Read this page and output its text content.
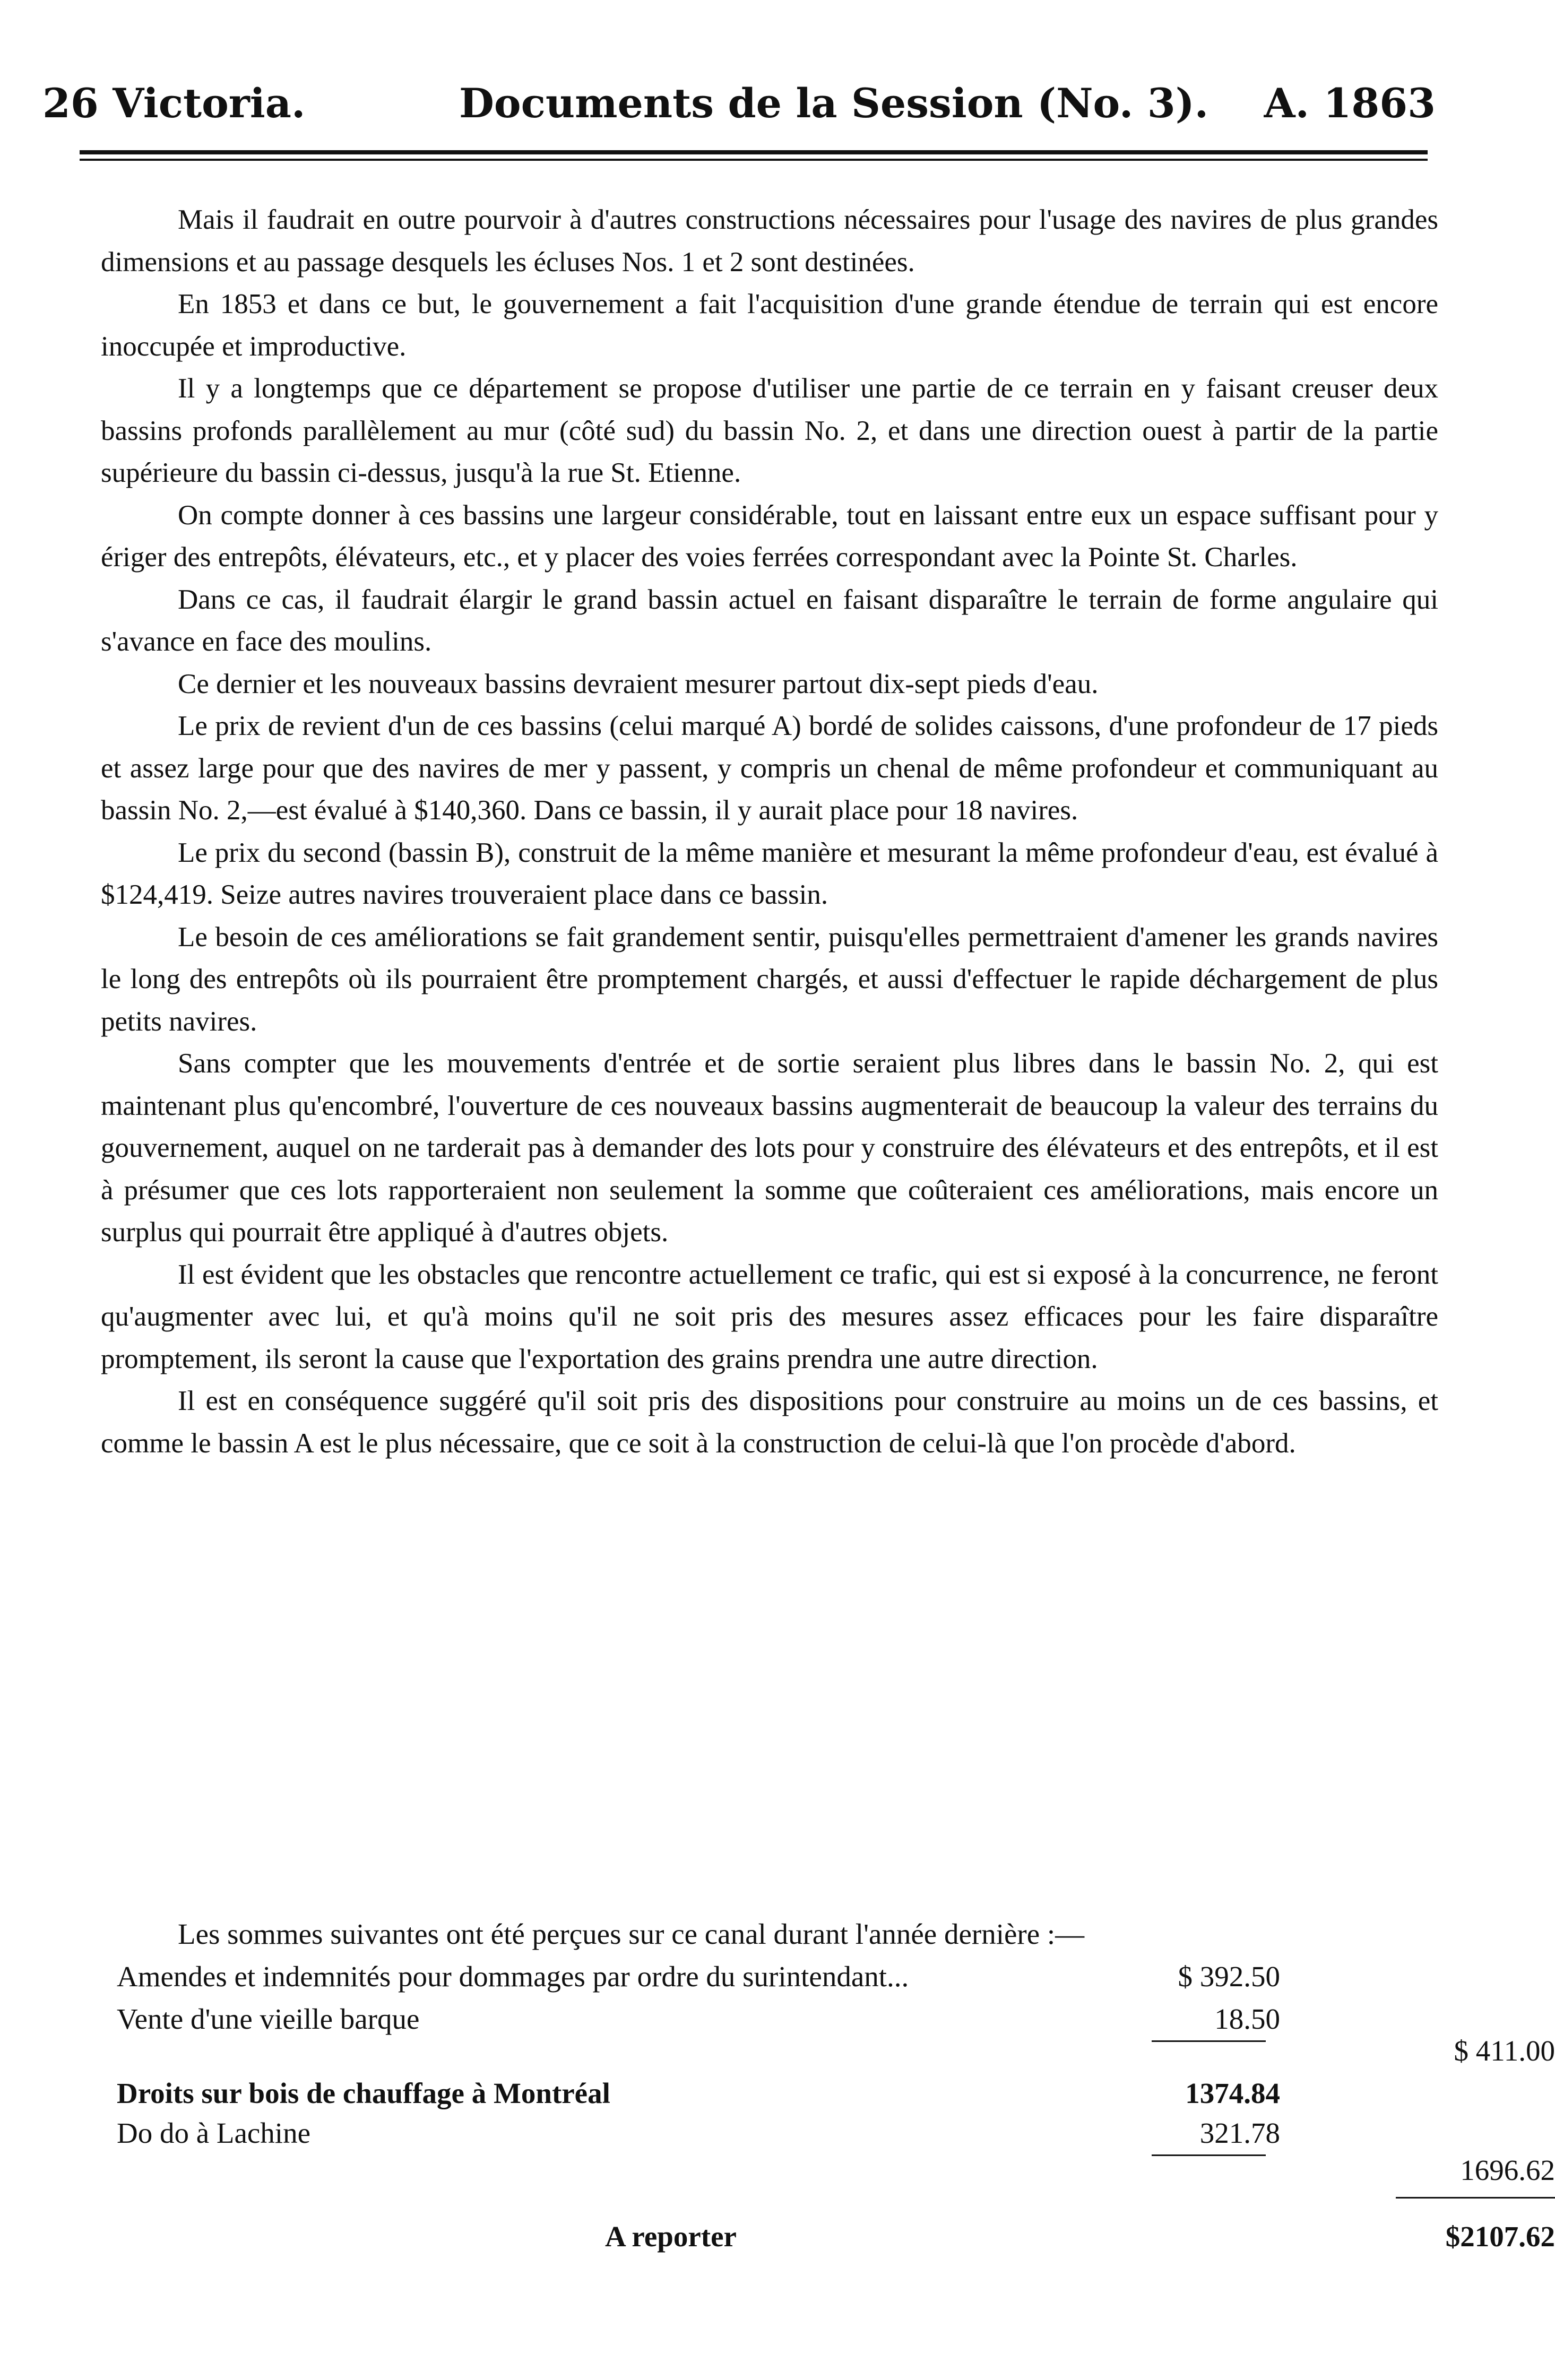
26 Victoria.	Documents de la Session (No. 3). A. 1863

Mais il faudrait en outre pourvoir à d'autres constructions nécessaires pour l'usage des navires de plus grandes dimensions et au passage desquels les écluses Nos. 1 et 2 sont destinées.

En 1853 et dans ce but, le gouvernement a fait l'acquisition d'une grande étendue de terrain qui est encore inoccupée et improductive.

Il y a longtemps que ce département se propose d'utiliser une partie de ce terrain en y faisant creuser deux bassins profonds parallèlement au mur (côté sud) du bassin No. 2, et dans une direction ouest à partir de la partie supérieure du bassin ci-dessus, jusqu'à la rue St. Etienne.

On compte donner à ces bassins une largeur considérable, tout en laissant entre eux un espace suffisant pour y ériger des entrepôts, élévateurs, etc., et y placer des voies ferrées correspondant avec la Pointe St. Charles.

Dans ce cas, il faudrait élargir le grand bassin actuel en faisant disparaître le terrain de forme angulaire qui s'avance en face des moulins.

Ce dernier et les nouveaux bassins devraient mesurer partout dix-sept pieds d'eau.

Le prix de revient d'un de ces bassins (celui marqué A) bordé de solides caissons, d'une profondeur de 17 pieds et assez large pour que des navires de mer y passent, y compris un chenal de même profondeur et communiquant au bassin No. 2,—est évalué à $140,360. Dans ce bassin, il y aurait place pour 18 navires.

Le prix du second (bassin B), construit de la même manière et mesurant la même profondeur d'eau, est évalué à $124,419. Seize autres navires trouveraient place dans ce bassin.

Le besoin de ces améliorations se fait grandement sentir, puisqu'elles permettraient d'amener les grands navires le long des entrepôts où ils pourraient être promptement chargés, et aussi d'effectuer le rapide déchargement de plus petits navires.

Sans compter que les mouvements d'entrée et de sortie seraient plus libres dans le bassin No. 2, qui est maintenant plus qu'encombré, l'ouverture de ces nouveaux bassins augmenterait de beaucoup la valeur des terrains du gouvernement, auquel on ne tarderait pas à demander des lots pour y construire des élévateurs et des entrepôts, et il est à présumer que ces lots rapporteraient non seulement la somme que coûteraient ces améliorations, mais encore un surplus qui pourrait être appliqué à d'autres objets.

Il est évident que les obstacles que rencontre actuellement ce trafic, qui est si exposé à la concurrence, ne feront qu'augmenter avec lui, et qu'à moins qu'il ne soit pris des mesures assez efficaces pour les faire disparaître promptement, ils seront la cause que l'exportation des grains prendra une autre direction.

Il est en conséquence suggéré qu'il soit pris des dispositions pour construire au moins un de ces bassins, et comme le bassin A est le plus nécessaire, que ce soit à la construction de celui-là que l'on procède d'abord.

Les sommes suivantes ont été perçues sur ce canal durant l'année dernière :—
Amendes et indemnités pour dommages par ordre du surintendant...	$ 392.50
Vente d'une vieille barque	18.50
$ 411.00
Droits sur bois de chauffage à Montréal	1374.84
Do do à Lachine	321.78
1696.62
A reporter	$2107.62
